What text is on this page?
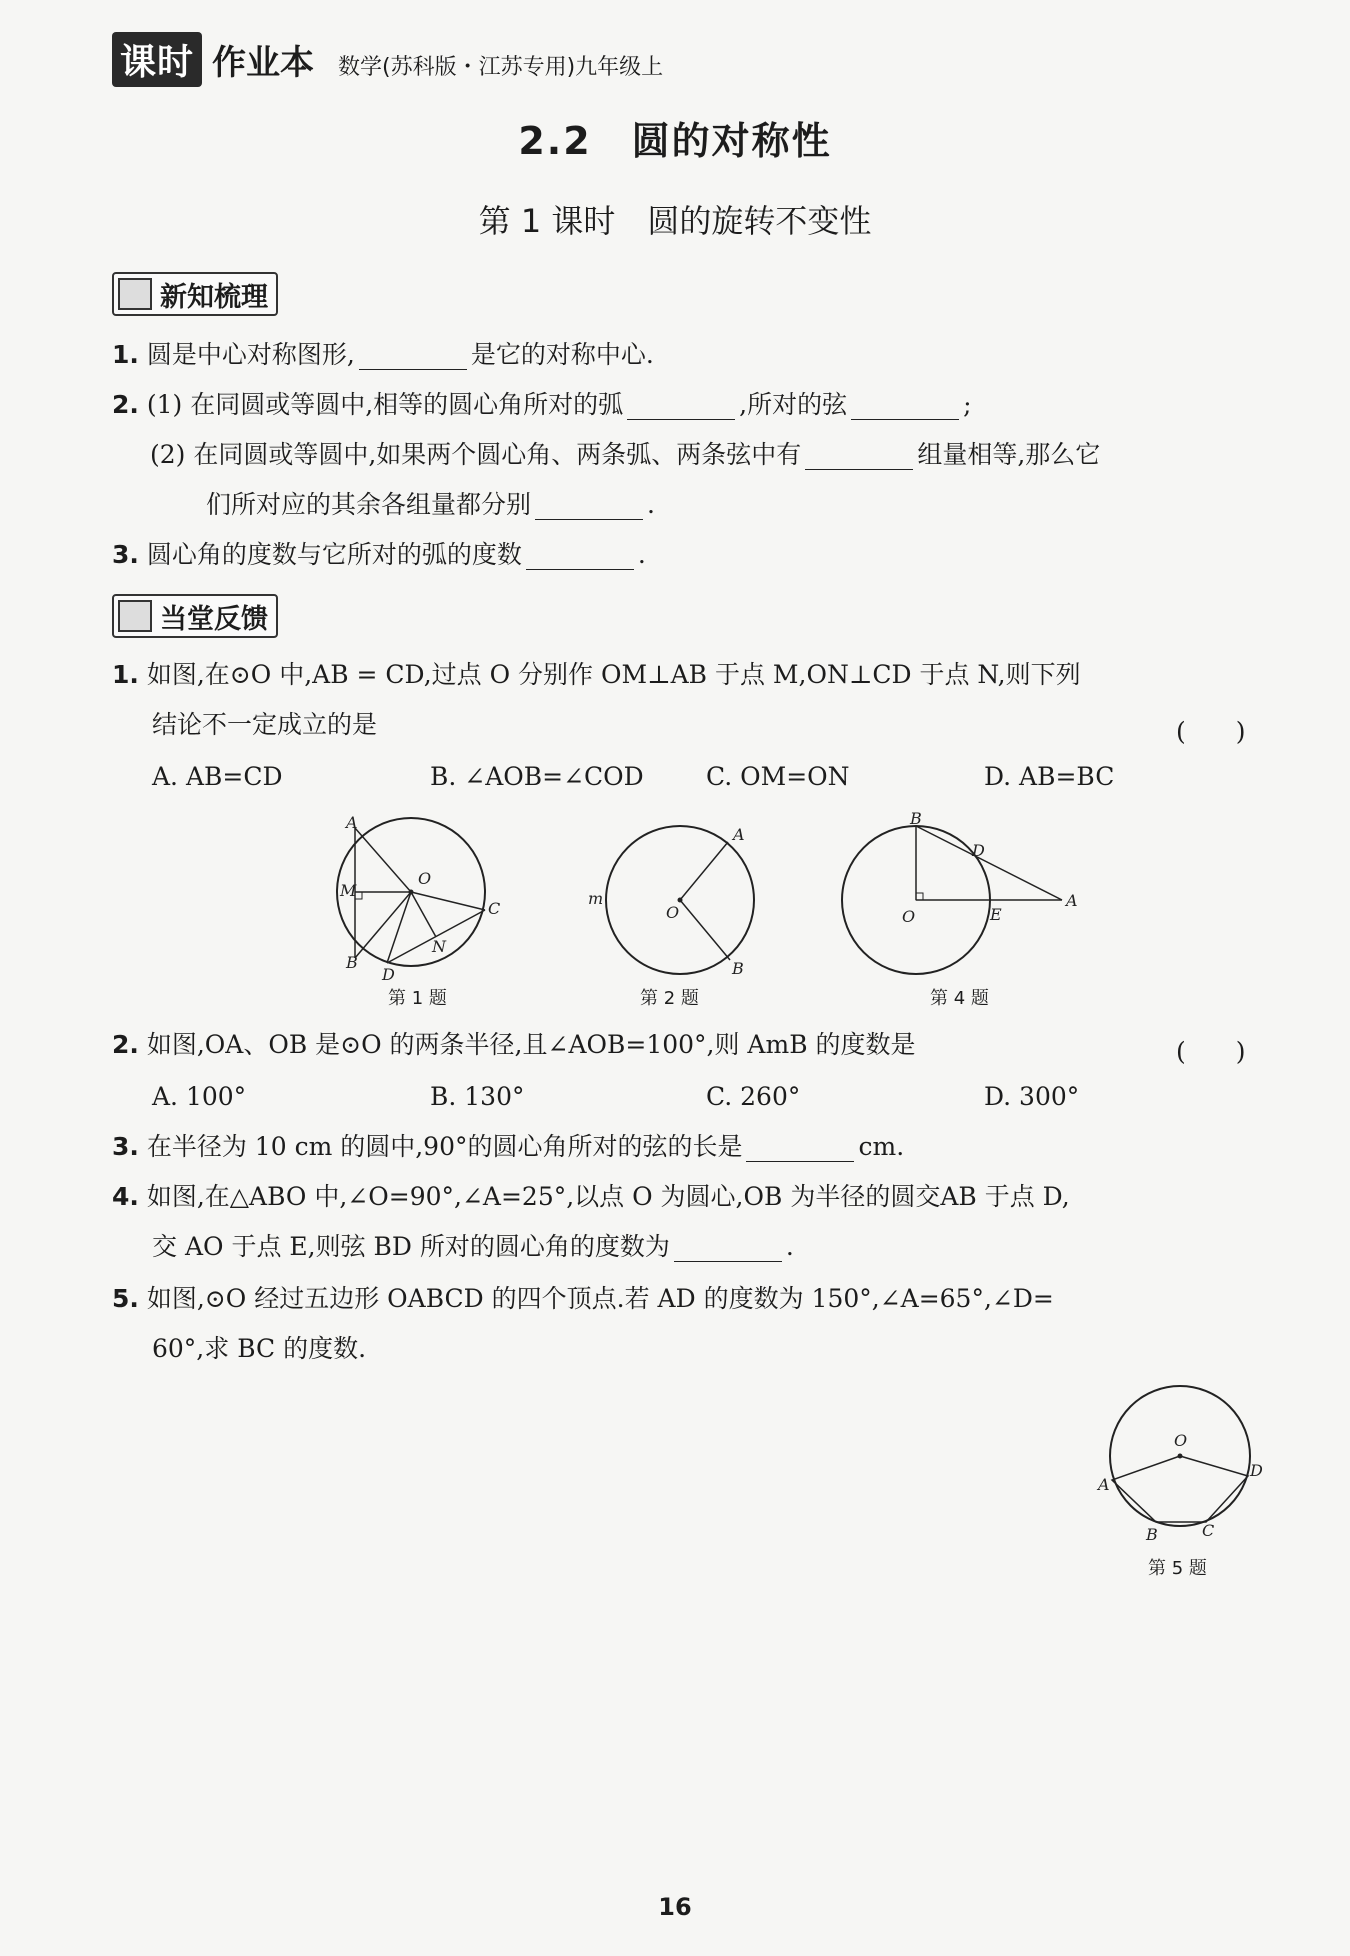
课时 作业本 数学(苏科版・江苏专用)九年级上
2.2　圆的对称性
第 1 课时　圆的旋转不变性
新知梳理
1. 圆是中心对称图形,	是它的对称中心.
2. (1) 在同圆或等圆中,相等的圆心角所对的弧	,所对的弦	;
(2) 在同圆或等圆中,如果两个圆心角、两条弧、两条弦中有	组量相等,那么它
们所对应的其余各组量都分别	.
3. 圆心角的度数与它所对的弧的度数	.
当堂反馈
1. 如图,在⊙O 中,AB = CD,过点 O 分别作 OM⊥AB 于点 M,ON⊥CD 于点 N,则下列
结论不一定成立的是	(　　)
A. AB=CD	B. ∠AOB=∠COD C. OM=ON	D. AB=BC
A
M
O
C
B
N
D
第 1 题
A
O
B
m
第 2 题
B
D
A
O	E
第 4 题
2. 如图,OA、OB 是⊙O 的两条半径,且∠AOB=100°,则 AmB 的度数是	(　　)
A. 100°	B. 130°	C. 260°	D. 300°
3. 在半径为 10 cm 的圆中,90°的圆心角所对的弦的长是	cm.
4. 如图,在△ABO 中,∠O=90°,∠A=25°,以点 O 为圆心,OB 为半径的圆交AB 于点 D,
交 AO 于点 E,则弦 BD 所对的圆心角的度数为	.
5. 如图,⊙O 经过五边形 OABCD 的四个顶点.若 AD 的度数为 150°,∠A=65°,∠D=
60°,求 BC 的度数.
O
A
B	C
D
第 5 题
16
